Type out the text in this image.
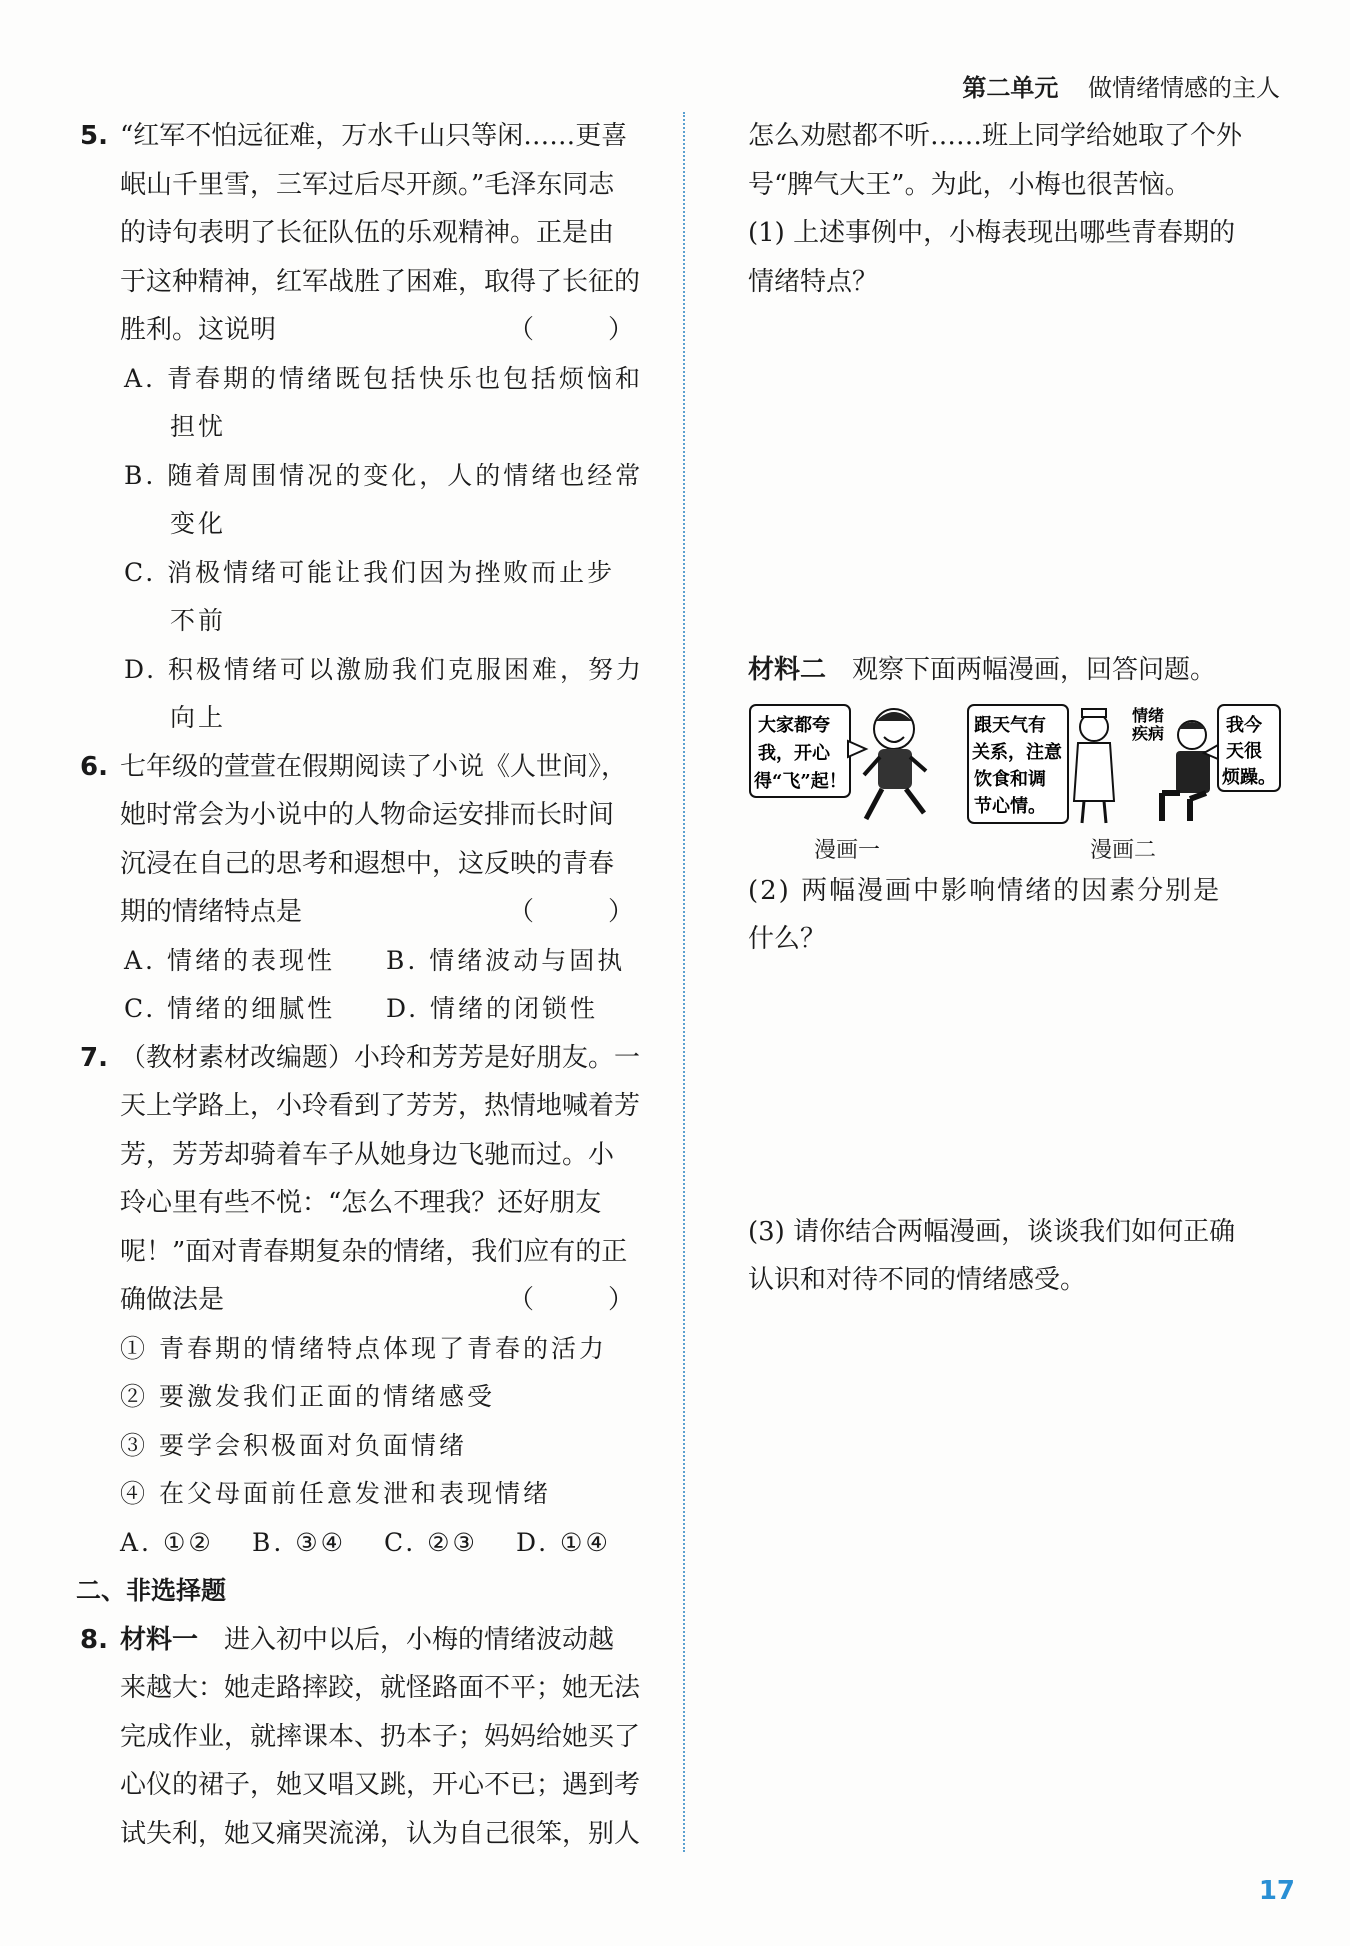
第二单元 做情绪情感的主人
5. “红军不怕远征难，万水千山只等闲……更喜
岷山千里雪，三军过后尽开颜。”毛泽东同志
的诗句表明了长征队伍的乐观精神。正是由
于这种精神，红军战胜了困难，取得了长征的
胜利。这说明	（　）
A. 青春期的情绪既包括快乐也包括烦恼和
担忧
B. 随着周围情况的变化，人的情绪也经常
变化
C. 消极情绪可能让我们因为挫败而止步
不前
D. 积极情绪可以激励我们克服困难，努力
向上
6. 七年级的萱萱在假期阅读了小说《人世间》，
她时常会为小说中的人物命运安排而长时间
沉浸在自己的思考和遐想中，这反映的青春
期的情绪特点是	（　）
A. 情绪的表现性 B. 情绪波动与固执
C. 情绪的细腻性 D. 情绪的闭锁性
7. （教材素材改编题）小玲和芳芳是好朋友。一
天上学路上，小玲看到了芳芳，热情地喊着芳
芳，芳芳却骑着车子从她身边飞驰而过。小
玲心里有些不悦：“怎么不理我？还好朋友
呢！”面对青春期复杂的情绪，我们应有的正
确做法是	（　）
① 青春期的情绪特点体现了青春的活力
② 要激发我们正面的情绪感受
③ 要学会积极面对负面情绪
④ 在父母面前任意发泄和表现情绪
A. ①② B. ③④ C. ②③ D. ①④
二、非选择题
8. 材料一 进入初中以后，小梅的情绪波动越
来越大：她走路摔跤，就怪路面不平；她无法
完成作业，就摔课本、扔本子；妈妈给她买了
心仪的裙子，她又唱又跳，开心不已；遇到考
试失利，她又痛哭流涕，认为自己很笨，别人
怎么劝慰都不听……班上同学给她取了个外
号“脾气大王”。为此，小梅也很苦恼。
(1) 上述事例中，小梅表现出哪些青春期的
情绪特点？
材料二 观察下面两幅漫画，回答问题。
大家都夸
我，开心
得“飞”起！
漫画一
跟天气有
关系，注意
饮食和调
节心情。
情绪
疾病	我今
天很
烦躁。
漫画二
(2) 两幅漫画中影响情绪的因素分别是
什么？
(3) 请你结合两幅漫画，谈谈我们如何正确
认识和对待不同的情绪感受。
17
